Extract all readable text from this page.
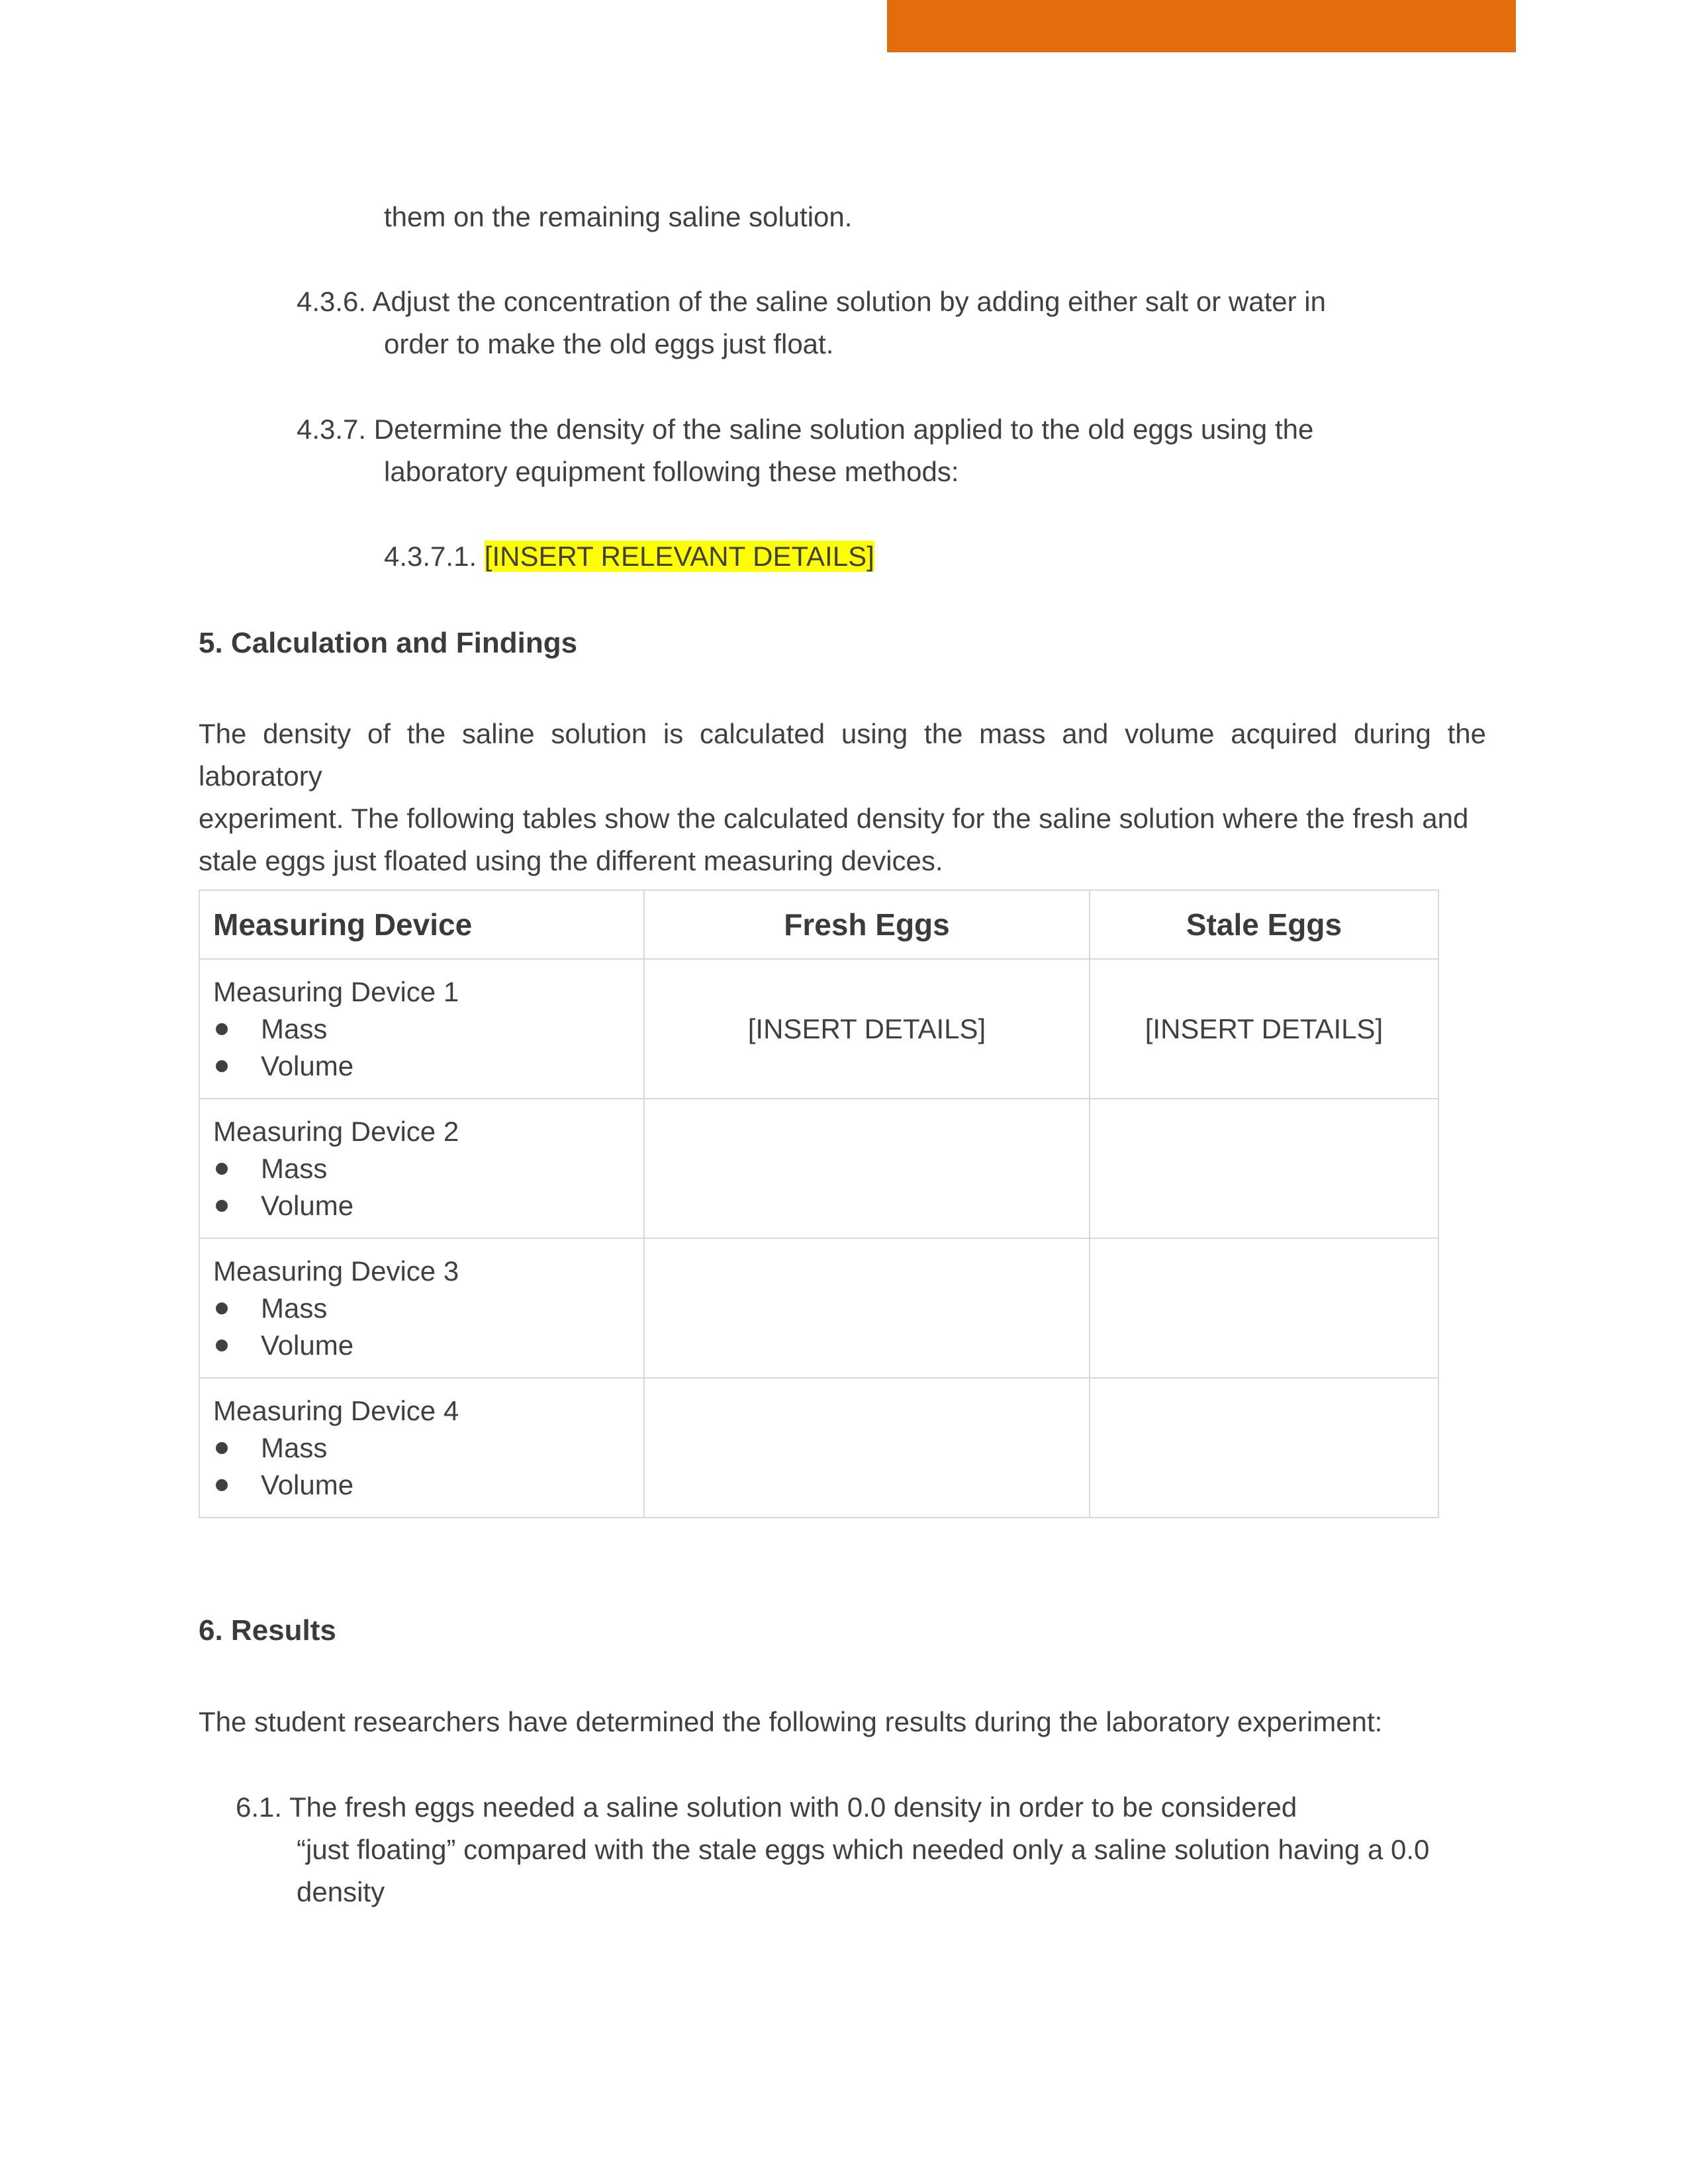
them on the remaining saline solution.
4.3.6. Adjust the concentration of the saline solution by adding either salt or water in
order to make the old eggs just float.
4.3.7. Determine the density of the saline solution applied to the old eggs using the
laboratory equipment following these methods:
4.3.7.1. [INSERT RELEVANT DETAILS]
5. Calculation and Findings
The density of the saline solution is calculated using the mass and volume acquired during the laboratory
experiment. The following tables show the calculated density for the saline solution where the fresh and
stale eggs just floated using the different measuring devices.
Measuring Device	Fresh Eggs	Stale Eggs

Measuring Device 1
Mass
Volume	[INSERT DETAILS]	[INSERT DETAILS]

Measuring Device 2
Mass
Volume		

Measuring Device 3
Mass
Volume		

Measuring Device 4
Mass
Volume		

6. Results
The student researchers have determined the following results during the laboratory experiment:
6.1. The fresh eggs needed a saline solution with 0.0 density in order to be considered
“just floating” compared with the stale eggs which needed only a saline solution having a 0.0
density
